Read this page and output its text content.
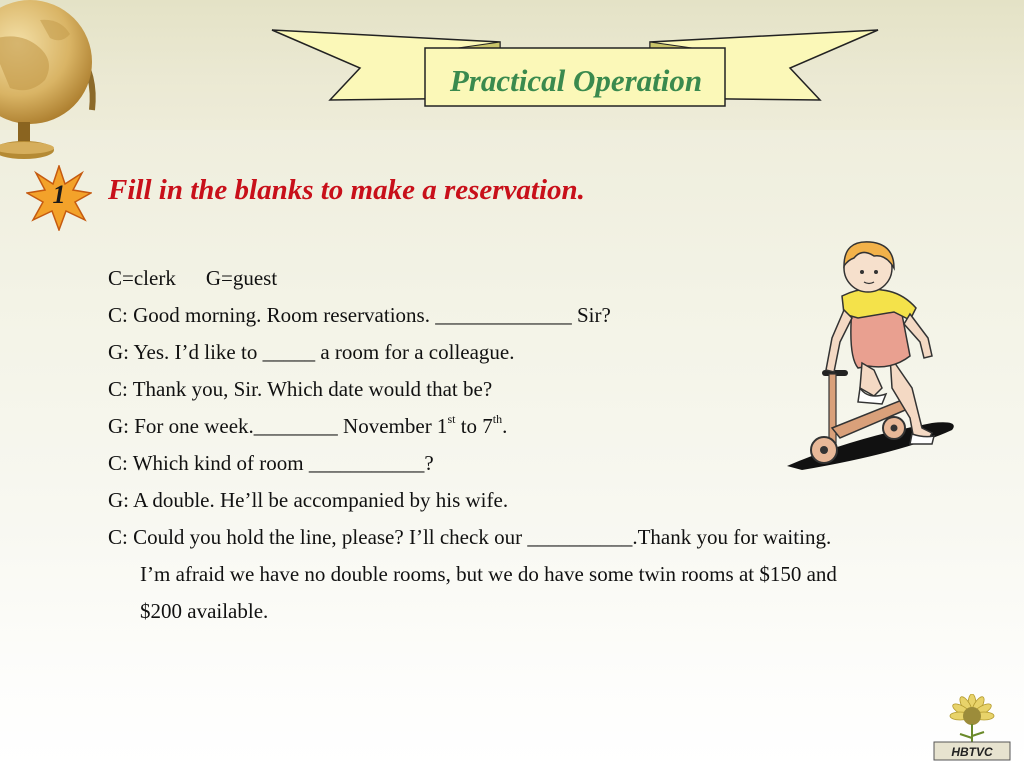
Practical Operation
1	Fill in the blanks to make a reservation.
C=clerk G=guest
C: Good morning. Room reservations. _____________ Sir?
G: Yes. I’d like to _____ a room for a colleague.
C: Thank you, Sir. Which date would that be?
G: For one week.________ November 1st to 7th.
C: Which kind of room ___________?
G: A double. He’ll be accompanied by his wife.
C: Could you hold the line, please? I’ll check our __________.Thank you for waiting.
I’m afraid we have no double rooms, but we do have some twin rooms at $150 and
$200 available.
HBTVC
